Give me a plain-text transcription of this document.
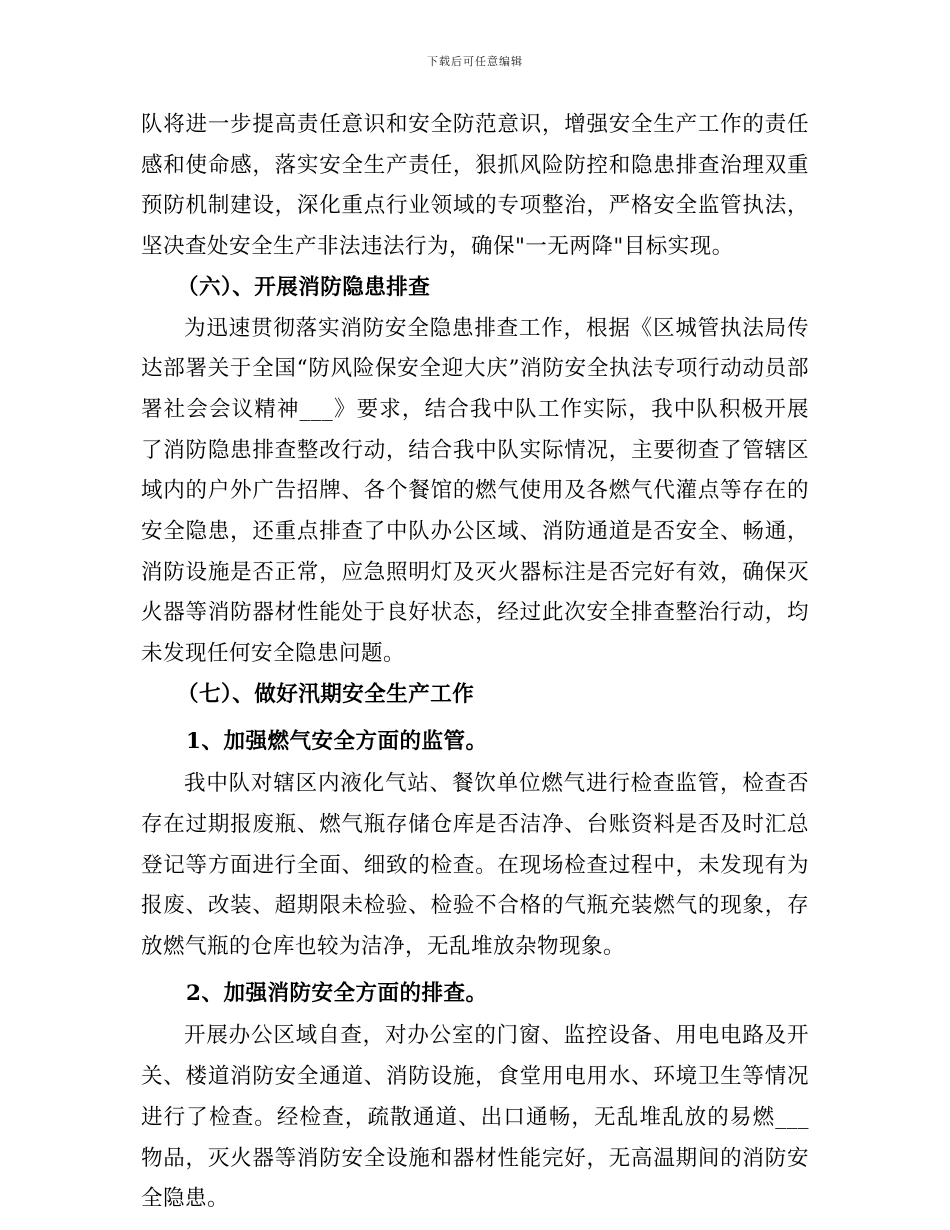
下载后可任意编辑

队将进一步提高责任意识和安全防范意识，增强安全生产工作的责任感和使命感，落实安全生产责任，狠抓风险防控和隐患排查治理双重预防机制建设，深化重点行业领域的专项整治，严格安全监管执法，坚决查处安全生产非法违法行为，确保"一无两降"目标实现。

（六）、开展消防隐患排查

为迅速贯彻落实消防安全隐患排查工作，根据《区城管执法局传达部署关于全国“防风险保安全迎大庆”消防安全执法专项行动动员部署社会会议精神___》要求，结合我中队工作实际，我中队积极开展了消防隐患排查整改行动，结合我中队实际情况，主要彻查了管辖区域内的户外广告招牌、各个餐馆的燃气使用及各燃气代灌点等存在的安全隐患，还重点排查了中队办公区域、消防通道是否安全、畅通，消防设施是否正常，应急照明灯及灭火器标注是否完好有效，确保灭火器等消防器材性能处于良好状态，经过此次安全排查整治行动，均未发现任何安全隐患问题。

（七）、做好汛期安全生产工作

1、加强燃气安全方面的监管。

我中队对辖区内液化气站、餐饮单位燃气进行检查监管，检查否存在过期报废瓶、燃气瓶存储仓库是否洁净、台账资料是否及时汇总登记等方面进行全面、细致的检查。在现场检查过程中，未发现有为报废、改装、超期限未检验、检验不合格的气瓶充装燃气的现象，存放燃气瓶的仓库也较为洁净，无乱堆放杂物现象。

2、加强消防安全方面的排查。

开展办公区域自查，对办公室的门窗、监控设备、用电电路及开关、楼道消防安全通道、消防设施，食堂用电用水、环境卫生等情况进行了检查。经检查，疏散通道、出口通畅，无乱堆乱放的易燃___物品，灭火器等消防安全设施和器材性能完好，无高温期间的消防安全隐患。
